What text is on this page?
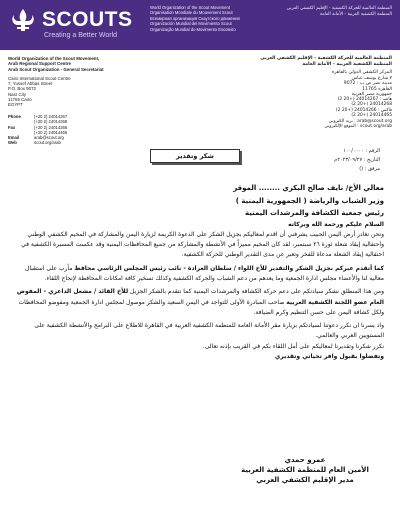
SCOUTS
Creating a Better World
World Organization of the Scout Movement
Organisation Mondiale du Mouvement Scout
Всемирная организация Скаутского движения
Organización Mundial del Movimiento Scout
Organização Mundial do Movimento Escoteiro
المنظمة العالمية للحركة الكشفية - الإقليم الكشفي العربي
المنظمة الكشفية العربية - الأمانة العامة
World Organization of the Scout Movement,
Arab Regional Support Centre
Arab Scout Organization - General Secretariat
Cairo International Scout Centre
7, Yussef Abbas Street
P.O. Box 9072
Nasr City
11765 Cairo
EGYPT
Phone	(+20 2) 24014267
(+20 2) 24014268
Fax	(+20 2) 24014266
(+20 2) 24014465
Email	arab@scout.org
Web	scout.org/arab
المنظمة العالمية للحركة الكشفية - الإقليم الكشفي العربي
المنظمة الكشفية العربية - الأمانة العامة
المركز الكشفي الدولي بالقاهرة
٧ شارع يوسف عباس
مدينة نصر ص.ب : 9072
القاهرة 11765
جمهورية مصر العربية
هاتف : 24014267 (+20 2)
24014268 (+20 2)
فاكس : 24014266 (+20 2)
24014465 (+20 2)
arab@scout.org : بريد الكتروني
scout.org/arab : الموقع الإلكتروني
الرقم : ١٠٠/٠٠٠٠
التاريخ : ٢٠٢٣/٠٩/٢٧م
مرفق : ()
شكر وتقدير

معالي الأخ/ نايف صالح البكري ........ الموقر

وزير الشباب والرياضة ( الجمهورية اليمنية )

رئيس جمعية الكشافة والمرشدات اليمنية

السلام عليكم ورحمة الله وبركاته

وتحن نغادر أرض اليمن الحبيب يشرفني أن اقدم لمعاليكم بجزيل الشكر على الدعوة الكريمة لزيارة اليمن والمشاركة في المخيم الكشفي الوطني واحتفالية إيقاد شعلة ثورة ٢٦ سبتمبر، لقد كان المخيم مميزاً في الأنشطة والمشاركة من جميع المحافظات اليمنية وقد عكست المسيرة الكشفية في احتفالية إيقاد الشعلة مدعاة للفخر وتعبر عن مدى التقدير الوطني للحركة الكشفية.

كما أتقدم عبركم بجزيل الشكر والتقدير للأخ اللواء / سلطان العرادة - نائب رئيس المجلس الرئاسي محافظ مأرب على استقبال معاليه لنا والأعضاء مجلس ادارة الجمعية وما يعدهم من دعم الشباب والحركة الكشفية وكذلك تسخير كافة امكانات المحافظة لإنجاح اللقاء.

ومن هذا المنطلق نشكر سيادتكم على دعم حركة الكشافة والمرشدات اليمنية كما نتقدم بالشكر الجزيل للأخ القائد / مشعل الداعري - المفوض العام عضو اللجنة الكشفية العربية صاحب المبادرة الأولى للتواجد في اليمن السعيد والشكر موصول لمجلس ادارة الجمعية ومفوضو المحافظات ولكل كشافة اليمن على حسن التنظيم وكرم الضيافة.

واذ يسرنا ان نكرر دعوتنا لسيادتكم بزيارة مقر الأمانة العامة للمنظمة الكشفية العربية في القاهرة للاطلاع على البرامج والأنشطة الكشفية على المستويين العربي والعالمي.

نكرر شكرنا وتقديرنا لمعاليكم على أمل اللقاء بكم في القريب بإذنه تعالى.

وتفضلوا بقبول وافر تحياتي وتقديري

عمرو حمدي
الأمين العام للمنظمة الكشفية العربية
مدير الإقليم الكشفي العربي
